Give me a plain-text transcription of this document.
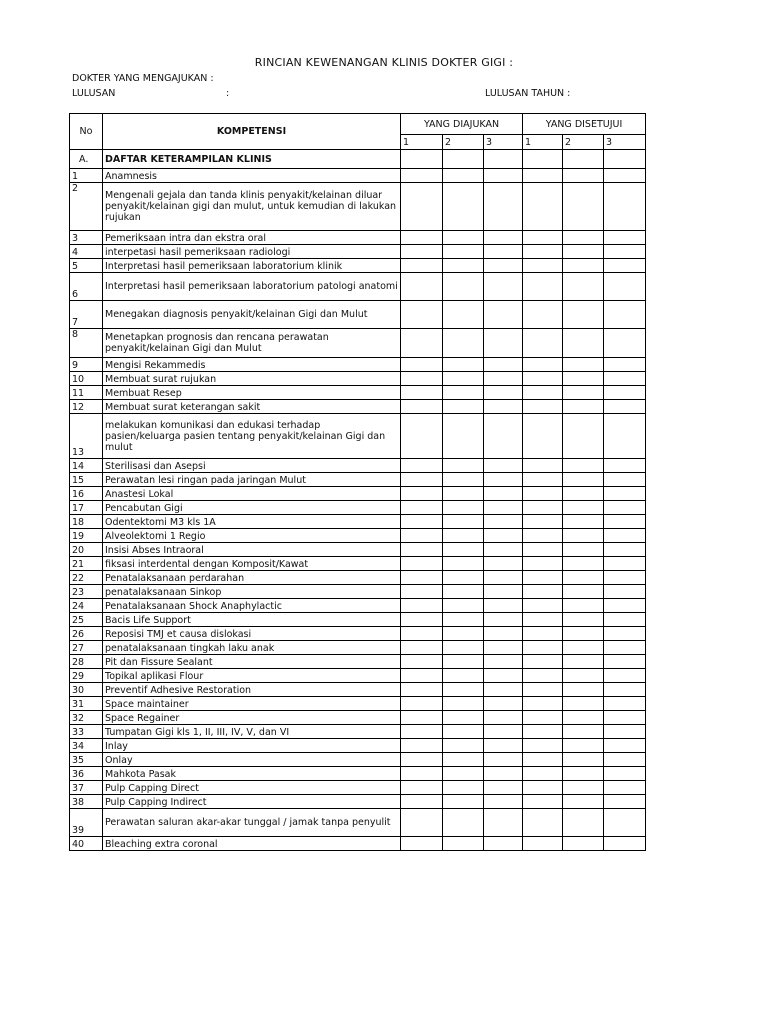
RINCIAN KEWENANGAN KLINIS DOKTER GIGI :
DOKTER YANG MENGAJUKAN :
LULUSAN	:	LULUSAN TAHUN :
No	KOMPETENSI	YANG DIAJUKAN			YANG DISETUJUI		
		1	2	3	1	2	3
A.	DAFTAR KETERAMPILAN KLINIS						
1	Anamnesis						
2	Mengenali gejala dan tanda klinis penyakit/kelainan diluar penyakit/kelainan gigi dan mulut, untuk kemudian di lakukan rujukan						
3	Pemeriksaan intra dan ekstra oral						
4	interpetasi hasil pemeriksaan radiologi						
5	Interpretasi hasil pemeriksaan laboratorium klinik						
6	Interpretasi hasil pemeriksaan laboratorium patologi anatomi						
7	Menegakan diagnosis penyakit/kelainan Gigi dan Mulut						
8	Menetapkan prognosis dan rencana perawatan penyakit/kelainan Gigi dan Mulut						
9	Mengisi Rekammedis						
10	Membuat surat rujukan						
11	Membuat Resep						
12	Membuat surat keterangan sakit						
13	melakukan komunikasi dan edukasi terhadap pasien/keluarga pasien tentang penyakit/kelainan Gigi dan mulut						
14	Sterilisasi dan Asepsi						
15	Perawatan lesi ringan pada jaringan Mulut						
16	Anastesi Lokal						
17	Pencabutan Gigi						
18	Odentektomi M3 kls 1A						
19	Alveolektomi 1 Regio						
20	Insisi Abses Intraoral						
21	fiksasi interdental dengan Komposit/Kawat						
22	Penatalaksanaan perdarahan						
23	penatalaksanaan Sinkop						
24	Penatalaksanaan Shock Anaphylactic						
25	Bacis Life Support						
26	Reposisi TMJ et causa dislokasi						
27	penatalaksanaan tingkah laku anak						
28	Pit dan Fissure Sealant						
29	Topikal aplikasi Flour						
30	Preventif Adhesive Restoration						
31	Space maintainer						
32	Space Regainer						
33	Tumpatan Gigi kls 1, II, III, IV, V, dan VI						
34	Inlay						
35	Onlay						
36	Mahkota Pasak						
37	Pulp Capping Direct						
38	Pulp Capping Indirect						
39	Perawatan saluran akar-akar tunggal / jamak tanpa penyulit						
40	Bleaching extra coronal						
